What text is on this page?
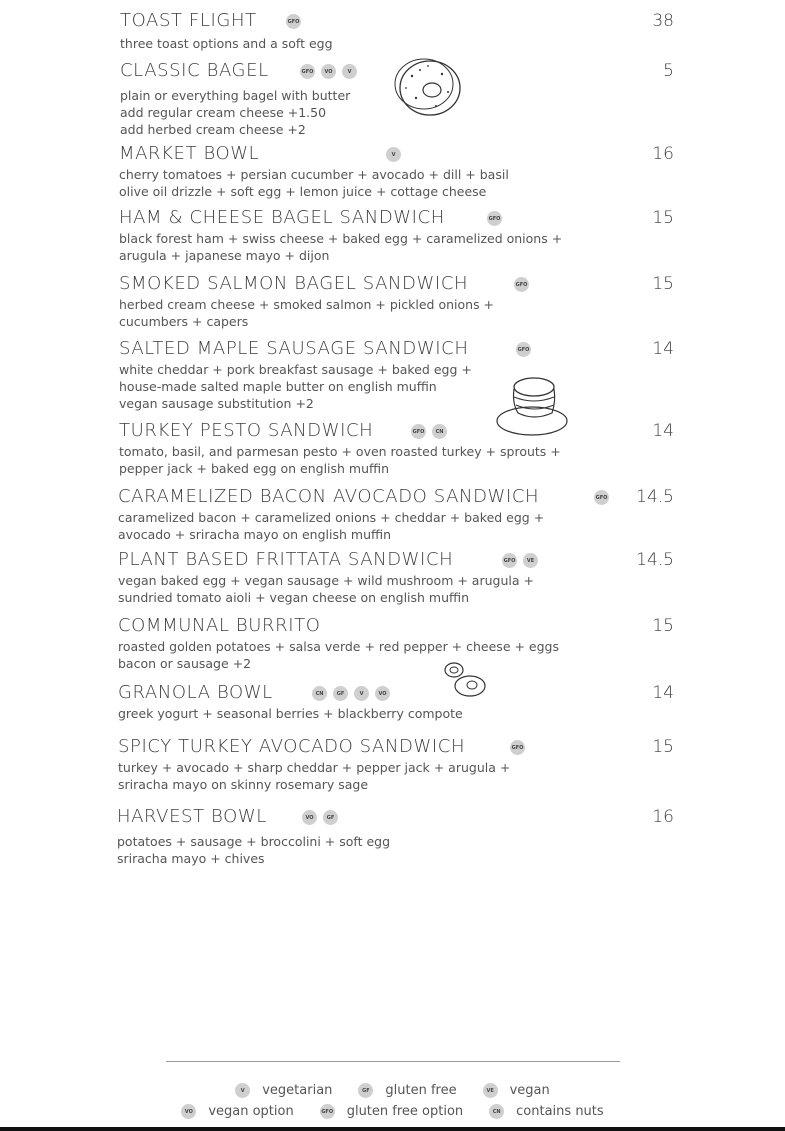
TOAST FLIGHT	GFO	38
three toast options and a soft egg
CLASSIC BAGEL	GFO	VO	V	5
plain or everything bagel with butter
add regular cream cheese +1.50
add herbed cream cheese +2
MARKET BOWL	V	16
cherry tomatoes + persian cucumber + avocado + dill + basil
olive oil drizzle + soft egg + lemon juice + cottage cheese
HAM & CHEESE BAGEL SANDWICH	GFO	15
black forest ham + swiss cheese + baked egg + caramelized onions +
arugula + japanese mayo + dijon
SMOKED SALMON BAGEL SANDWICH	GFO	15
herbed cream cheese + smoked salmon + pickled onions +
cucumbers + capers
SALTED MAPLE SAUSAGE SANDWICH	GFO	14
white cheddar + pork breakfast sausage + baked egg +
house-made salted maple butter on english muffin
vegan sausage substitution +2
TURKEY PESTO SANDWICH	GFO	CN	14
tomato, basil, and parmesan pesto + oven roasted turkey + sprouts +
pepper jack + baked egg on english muffin
CARAMELIZED BACON AVOCADO SANDWICH	GFO 14.5
caramelized bacon + caramelized onions + cheddar + baked egg +
avocado + sriracha mayo on english muffin
PLANT BASED FRITTATA SANDWICH	GFO	VE	14.5
vegan baked egg + vegan sausage + wild mushroom + arugula +
sundried tomato aioli + vegan cheese on english muffin
COMMUNAL BURRITO	15
roasted golden potatoes + salsa verde + red pepper + cheese + eggs
bacon or sausage +2
GRANOLA BOWL	CN	GF	V	VO	14
greek yogurt + seasonal berries + blackberry compote
SPICY TURKEY AVOCADO SANDWICH	GFO	15
turkey + avocado + sharp cheddar + pepper jack + arugula +
sriracha mayo on skinny rosemary sage
HARVEST BOWL	VO	GF	16
potatoes + sausage + broccolini + soft egg
sriracha mayo + chives
V	vegetarian	GF gluten free	VE vegan
VO vegan option	GFO gluten free option	CN contains nuts
